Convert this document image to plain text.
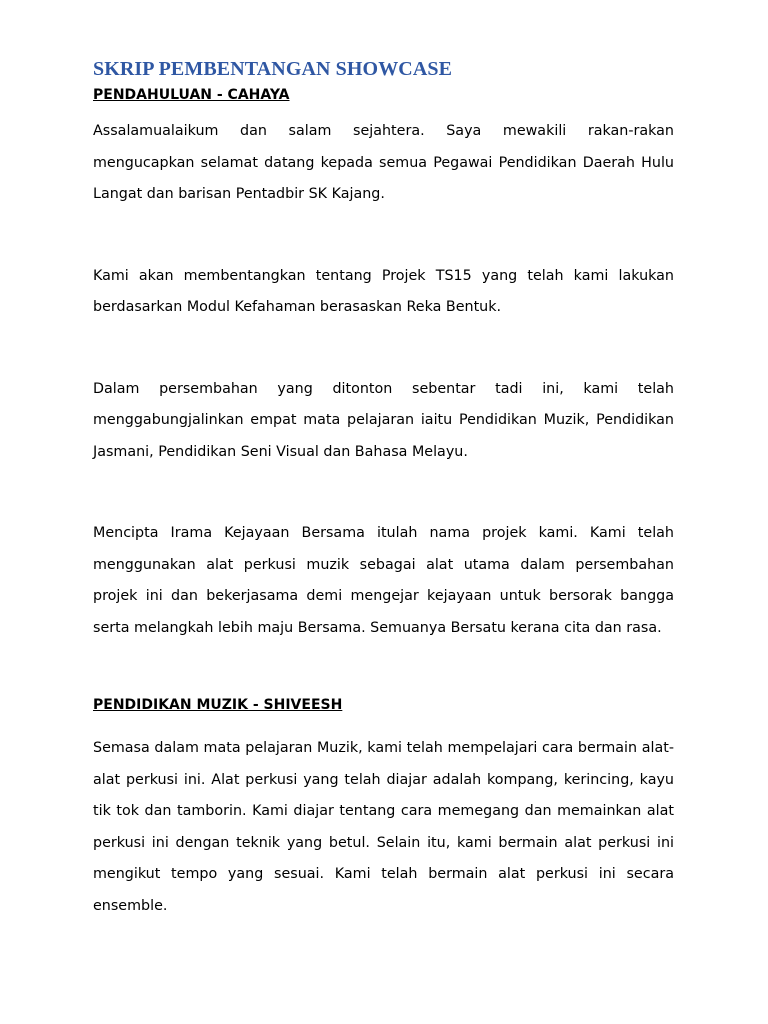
SKRIP PEMBENTANGAN SHOWCASE
PENDAHULUAN - CAHAYA

Assalamualaikum dan salam sejahtera. Saya mewakili rakan-rakan mengucapkan selamat datang kepada semua Pegawai Pendidikan Daerah Hulu Langat dan barisan Pentadbir SK Kajang.

Kami akan membentangkan tentang Projek TS15 yang telah kami lakukan berdasarkan Modul Kefahaman berasaskan Reka Bentuk.

Dalam persembahan yang ditonton sebentar tadi ini, kami telah menggabungjalinkan empat mata pelajaran iaitu Pendidikan Muzik, Pendidikan Jasmani, Pendidikan Seni Visual dan Bahasa Melayu.

Mencipta Irama Kejayaan Bersama itulah nama projek kami. Kami telah menggunakan alat perkusi muzik sebagai alat utama dalam persembahan projek ini dan bekerjasama demi mengejar kejayaan untuk bersorak bangga serta melangkah lebih maju Bersama. Semuanya Bersatu kerana cita dan rasa.

PENDIDIKAN MUZIK - SHIVEESH

Semasa dalam mata pelajaran Muzik, kami telah mempelajari cara bermain alat-alat perkusi ini. Alat perkusi yang telah diajar adalah kompang, kerincing, kayu tik tok dan tamborin. Kami diajar tentang cara memegang dan memainkan alat perkusi ini dengan teknik yang betul. Selain itu, kami bermain alat perkusi ini mengikut tempo yang sesuai. Kami telah bermain alat perkusi ini secara ensemble.
